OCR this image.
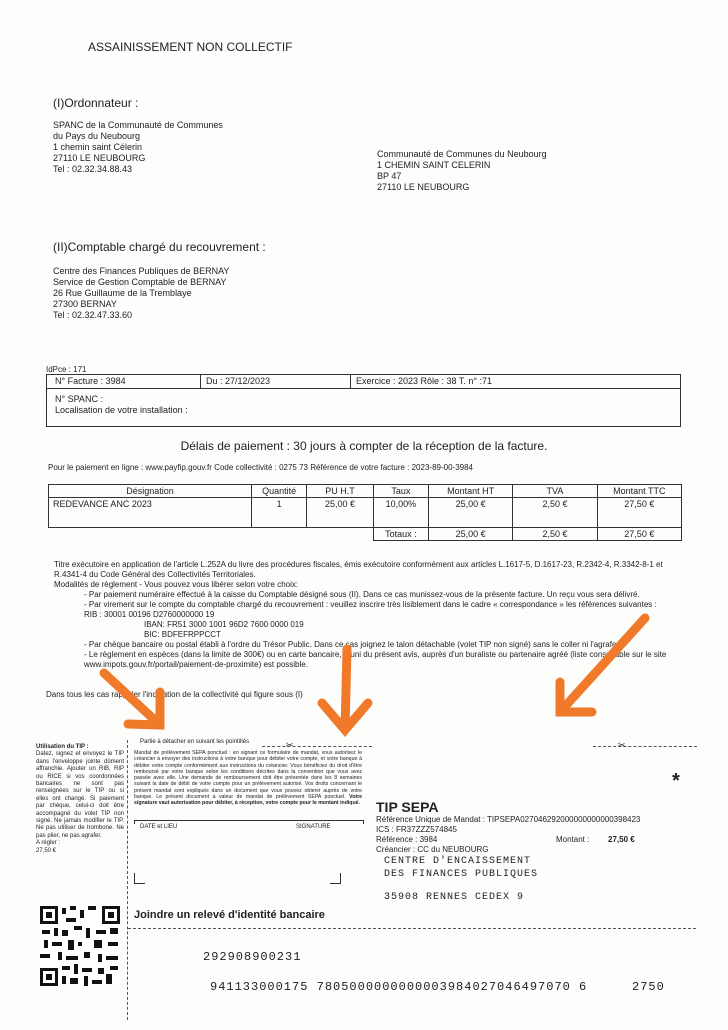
ASSAINISSEMENT NON COLLECTIF
(I)Ordonnateur :
SPANC de la Communauté de Communes
du Pays du Neubourg
1 chemin saint Célerin
27110 LE NEUBOURG
Tel : 02.32.34.88.43
Communauté de Communes du Neubourg
1 CHEMIN SAINT CELERIN
BP 47
27110 LE NEUBOURG
(II)Comptable chargé du recouvrement :
Centre des Finances Publiques de BERNAY
Service de Gestion Comptable de BERNAY
26 Rue Guillaume de la Tremblaye
27300 BERNAY
Tel : 02.32.47.33.60
IdPce : 171
N° Facture : 3984	Du : 27/12/2023	Exercice : 2023 Rôle : 38 T. n° :71
N° SPANC :
Localisation de votre installation :
Délais de paiement : 30 jours à compter de la réception de la facture.
Pour le paiement en ligne : www.payfip.gouv.fr Code collectivité : 0275 73 Référence de votre facture : 2023-89-00-3984
Désignation	Quantité	PU H.T	Taux	Montant HT	TVA	Montant TTC
REDEVANCE ANC 2023	1	25,00 €	10,00%	25,00 €	2,50 €	27,50 €
			Totaux :	25,00 €	2,50 €	27,50 €
Titre exécutoire en application de l'article L.252A du livre des procédures fiscales, émis exécutoire conformément aux articles L.1617-5, D.1617-23, R.2342-4, R.3342-8-1 et R.4341-4 du Code Général des Collectivités Territoriales.
Modalités de règlement - Vous pouvez vous libérer selon votre choix:
- Par paiement numéraire effectué à la caisse du Comptable désigné sous (II). Dans ce cas munissez-vous de la présente facture. Un reçu vous sera délivré.
- Par virement sur le compte du comptable chargé du recouvrement : veuillez inscrire très lisiblement dans le cadre « correspondance » les références suivantes : RIB : 30001 00196 D2760000000 19
IBAN: FR51 3000 1001 96D2 7600 0000 019
BIC: BDFEFRPPCCT
- Par chèque bancaire ou postal établi à l'ordre du Trésor Public. Dans ce cas joignez le talon détachable (volet TIP non signé) sans le coller ni l'agrafer.
- Le règlement en espèces (dans la limite de 300€) ou en carte bancaire, muni du présent avis, auprès d'un buraliste ou partenaire agréé (liste consultable sur le site www.impots.gouv.fr/portail/paiement-de-proximite) est possible.
Dans tous les cas rappeler l'indication de la collectivité qui figure sous (I)
Utilisation du TIP :
Datez, signez et envoyez le TIP dans l'enveloppe jointe dûment affranchie. Ajouter un RIB, RIP ou RICE si vos coordonnées bancaires ne sont pas renseignées sur le TIP ou si elles ont changé. Si paiement par chèque, celui-ci doit être accompagné du volet TIP non signé. Ne jamais modifier le TIP. Ne pas utiliser de trombone. Ne pas plier, ne pas agrafer.
A régler :
27,50 €
Partie à détacher en suivant les pointillés	✂	✂
Mandat de prélèvement SEPA ponctuel : en signant ce formulaire de mandat, vous autorisez le créancier à envoyer des instructions à votre banque pour débiter votre compte, et votre banque à débiter votre compte conformément aux instructions du créancier. Vous bénéficiez du droit d'être remboursé par votre banque selon les conditions décrites dans la convention que vous avez passée avec elle. Une demande de remboursement doit être présentée dans les 8 semaines suivant la date de débit de votre compte pour un prélèvement autorisé. Vos droits concernant le présent mandat sont expliqués dans un document que vous pouvez obtenir auprès de votre banque. Le présent document a valeur de mandat de prélèvement SEPA ponctuel. Votre signature vaut autorisation pour débiter, à réception, votre compte pour le montant indiqué.
DATE et LIEU	SIGNATURE
Joindre un relevé d'identité bancaire
TIP SEPA
*
Référence Unique de Mandat : TIPSEPA027046292000000000000398423
ICS : FR37ZZZ574845
Référence : 3984
Créancier : CC du NEUBOURG
Montant : 27,50 €
CENTRE D'ENCAISSEMENT
DES FINANCES PUBLIQUES
35908 RENNES CEDEX 9
292908900231
941133000175 7805000000000003984027046497070 6	2750
